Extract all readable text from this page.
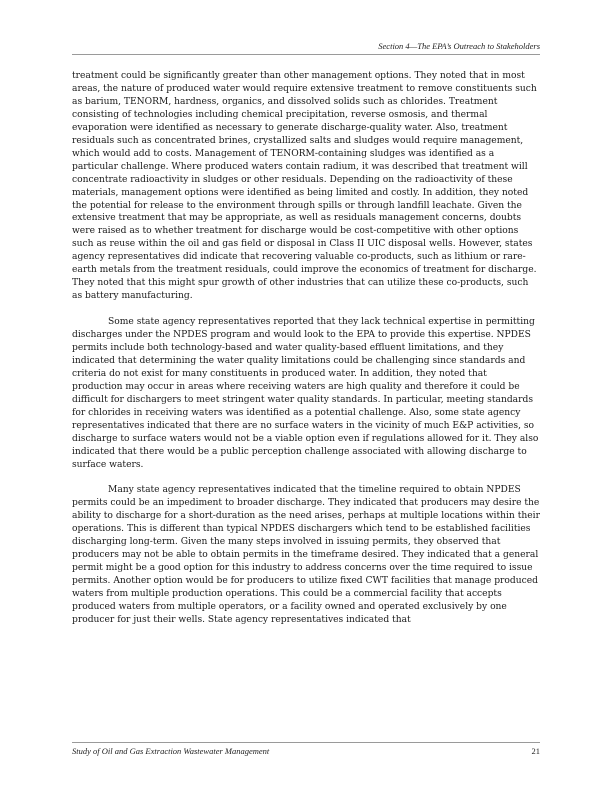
Section 4—The EPA’s Outreach to Stakeholders

treatment could be significantly greater than other management options. They noted that in most areas, the nature of produced water would require extensive treatment to remove constituents such as barium, TENORM, hardness, organics, and dissolved solids such as chlorides. Treatment consisting of technologies including chemical precipitation, reverse osmosis, and thermal evaporation were identified as necessary to generate discharge-quality water. Also, treatment residuals such as concentrated brines, crystallized salts and sludges would require management, which would add to costs. Management of TENORM-containing sludges was identified as a particular challenge. Where produced waters contain radium, it was described that treatment will concentrate radioactivity in sludges or other residuals. Depending on the radioactivity of these materials, management options were identified as being limited and costly. In addition, they noted the potential for release to the environment through spills or through landfill leachate. Given the extensive treatment that may be appropriate, as well as residuals management concerns, doubts were raised as to whether treatment for discharge would be cost-competitive with other options such as reuse within the oil and gas field or disposal in Class II UIC disposal wells. However, states agency representatives did indicate that recovering valuable co-products, such as lithium or rare-earth metals from the treatment residuals, could improve the economics of treatment for discharge. They noted that this might spur growth of other industries that can utilize these co-products, such as battery manufacturing.

Some state agency representatives reported that they lack technical expertise in permitting discharges under the NPDES program and would look to the EPA to provide this expertise. NPDES permits include both technology-based and water quality-based effluent limitations, and they indicated that determining the water quality limitations could be challenging since standards and criteria do not exist for many constituents in produced water. In addition, they noted that production may occur in areas where receiving waters are high quality and therefore it could be difficult for dischargers to meet stringent water quality standards. In particular, meeting standards for chlorides in receiving waters was identified as a potential challenge. Also, some state agency representatives indicated that there are no surface waters in the vicinity of much E&P activities, so discharge to surface waters would not be a viable option even if regulations allowed for it. They also indicated that there would be a public perception challenge associated with allowing discharge to surface waters.

Many state agency representatives indicated that the timeline required to obtain NPDES permits could be an impediment to broader discharge. They indicated that producers may desire the ability to discharge for a short-duration as the need arises, perhaps at multiple locations within their operations. This is different than typical NPDES dischargers which tend to be established facilities discharging long-term. Given the many steps involved in issuing permits, they observed that producers may not be able to obtain permits in the timeframe desired. They indicated that a general permit might be a good option for this industry to address concerns over the time required to issue permits. Another option would be for producers to utilize fixed CWT facilities that manage produced waters from multiple production operations. This could be a commercial facility that accepts produced waters from multiple operators, or a facility owned and operated exclusively by one producer for just their wells. State agency representatives indicated that

Study of Oil and Gas Extraction Wastewater Management	21
